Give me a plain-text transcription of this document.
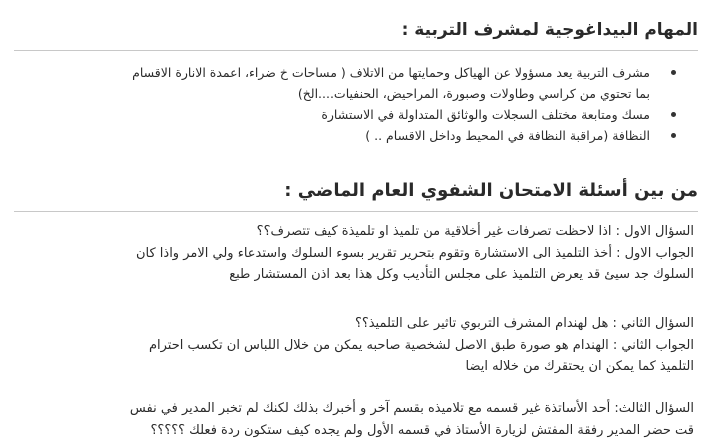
المهام البيداغوجية لمشرف التربية :
مشرف التربية يعد مسؤولا عن الهياكل وحمايتها من الاتلاف ( مساحات خ ضراء، اعمدة الانارة الاقسام
بما تحتوي من كراسي وطاولات وصبورة، المراحيض، الحنفيات....الخ)
مسك ومتابعة مختلف السجلات والوثائق المتداولة في الاستشارة
النظافة (مراقبة النظافة في المحيط وداخل الاقسام .. )
من بين أسئلة الامتحان الشفوي العام الماضي :
السؤال الاول : اذا لاحظت تصرفات غير أخلاقية من تلميذ او تلميذة كيف تتصرف؟؟
الجواب الاول : أخذ التلميذ الى الاستشارة وتقوم بتحرير تقرير بسوء السلوك واستدعاء ولي الامر واذا كان
السلوك جد سيئ قد يعرض التلميذ على مجلس التأديب وكل هذا بعد اذن المستشار طبع
السؤال الثاني : هل لهندام المشرف التربوي تاثير على التلميذ؟؟
الجواب الثاني : الهندام هو صورة طبق الاصل لشخصية صاحبه يمكن من خلال اللباس ان تكسب احترام
التلميذ كما يمكن ان يحتقرك من خلاله ايضا
السؤال الثالث: أحد الأساتذة غير قسمه مع تلاميذه بقسم آخر و أخبرك بذلك لكنك لم تخبر المدير في نفس
قت حضر المدير رفقة المفتش لزيارة الأستاذ في قسمه الأول ولم يجده كيف ستكون ردة فعلك ؟؟؟؟؟
